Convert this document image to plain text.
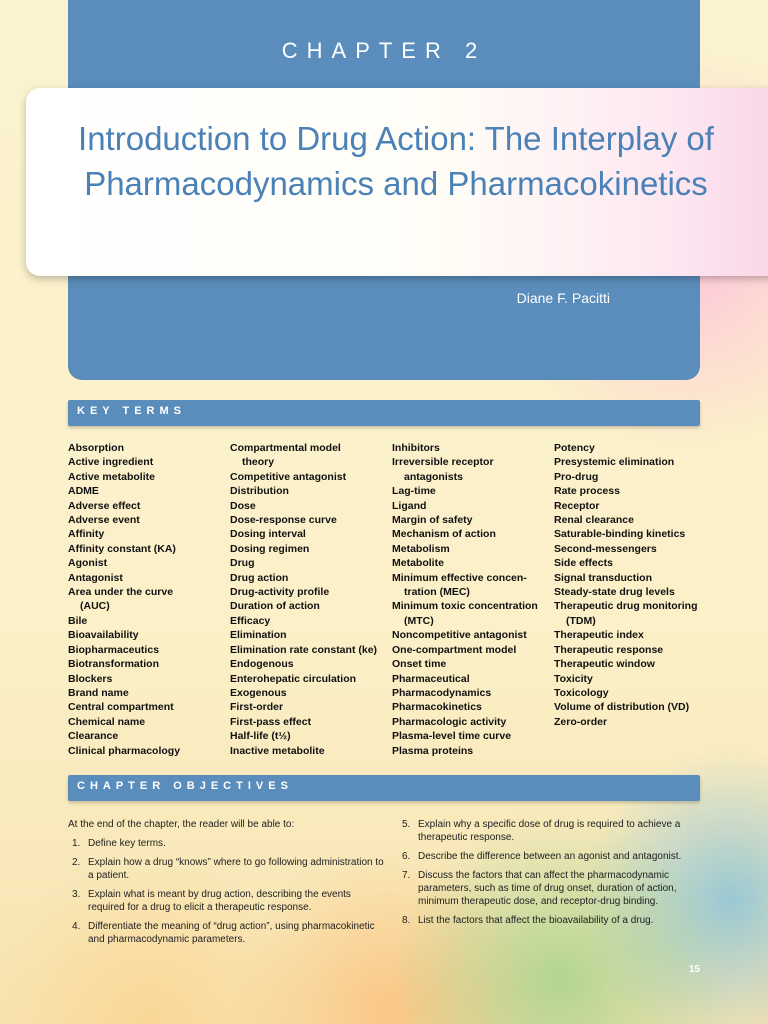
CHAPTER 2
Diane F. Pacitti
Introduction to Drug Action: The Interplay of Pharmacodynamics and Pharmacokinetics
KEY TERMS
Absorption
Active ingredient
Active metabolite
ADME
Adverse effect
Adverse event
Affinity
Affinity constant (KA)
Agonist
Antagonist
Area under the curve
(AUC)
Bile
Bioavailability
Biopharmaceutics
Biotransformation
Blockers
Brand name
Central compartment
Chemical name
Clearance
Clinical pharmacology
Compartmental model
theory
Competitive antagonist
Distribution
Dose
Dose-response curve
Dosing interval
Dosing regimen
Drug
Drug action
Drug-activity profile
Duration of action
Efficacy
Elimination
Elimination rate constant (ke)
Endogenous
Enterohepatic circulation
Exogenous
First-order
First-pass effect
Half-life (t½)
Inactive metabolite
Inhibitors
Irreversible receptor
antagonists
Lag-time
Ligand
Margin of safety
Mechanism of action
Metabolism
Metabolite
Minimum effective concen-
tration (MEC)
Minimum toxic concentration
(MTC)
Noncompetitive antagonist
One-compartment model
Onset time
Pharmaceutical
Pharmacodynamics
Pharmacokinetics
Pharmacologic activity
Plasma-level time curve
Plasma proteins
Potency
Presystemic elimination
Pro-drug
Rate process
Receptor
Renal clearance
Saturable-binding kinetics
Second-messengers
Side effects
Signal transduction
Steady-state drug levels
Therapeutic drug monitoring
(TDM)
Therapeutic index
Therapeutic response
Therapeutic window
Toxicity
Toxicology
Volume of distribution (VD)
Zero-order
CHAPTER OBJECTIVES
At the end of the chapter, the reader will be able to:
1. Define key terms.
2. Explain how a drug “knows” where to go following administration to a patient.
3. Explain what is meant by drug action, describing the events required for a drug to elicit a therapeutic response.
4. Differentiate the meaning of “drug action”, using pharmacokinetic and pharmacodynamic parameters.
5. Explain why a specific dose of drug is required to achieve a therapeutic response.
6. Describe the difference between an agonist and antagonist.
7. Discuss the factors that can affect the pharmacodynamic parameters, such as time of drug onset, duration of action, minimum therapeutic dose, and receptor-drug binding.
8. List the factors that affect the bioavailability of a drug.
15
